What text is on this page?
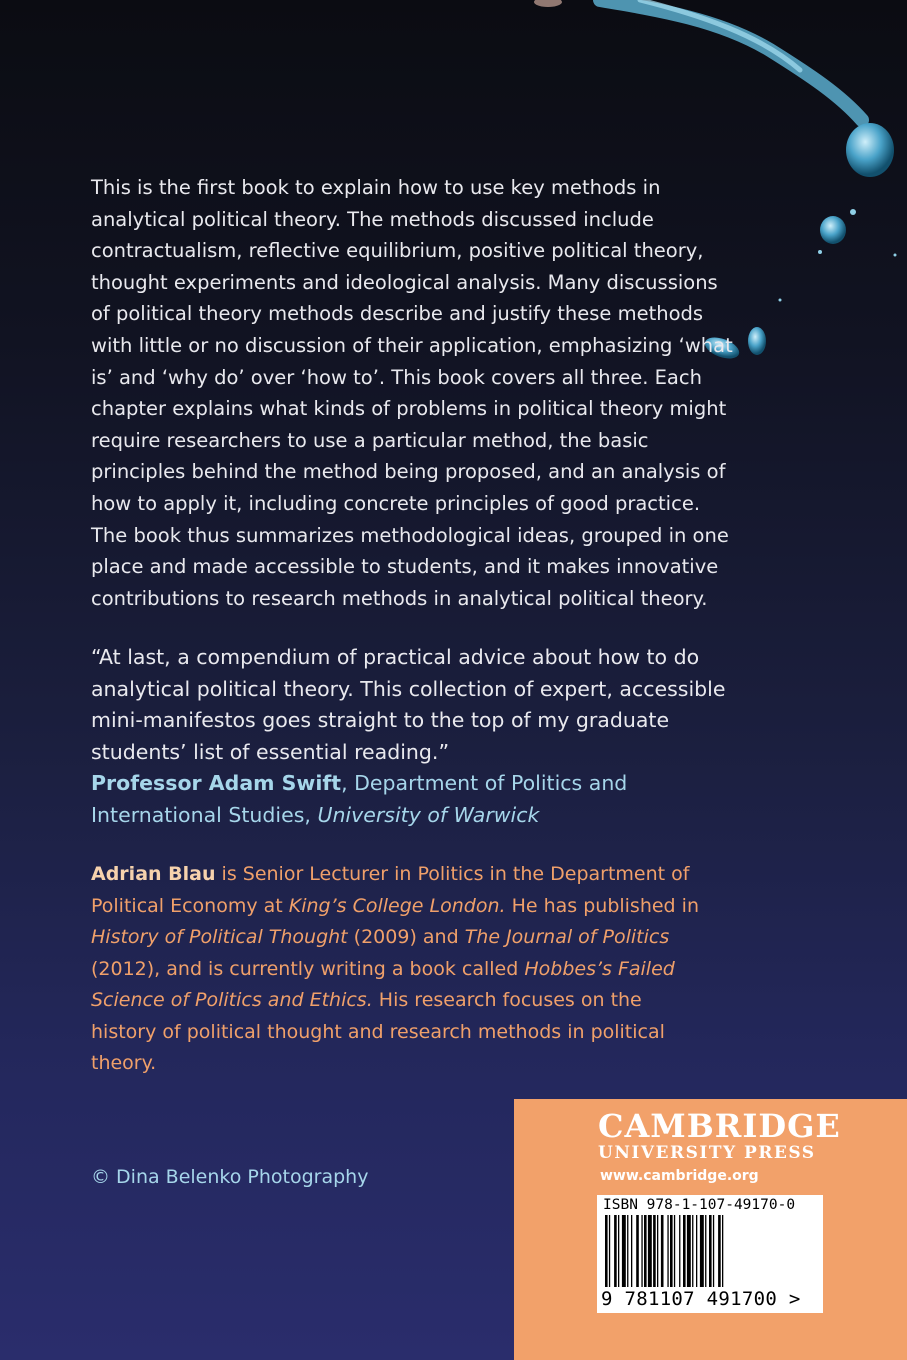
This is the first book to explain how to use key methods in analytical political theory. The methods discussed include contractualism, reflective equilibrium, positive political theory, thought experiments and ideological analysis. Many discussions of political theory methods describe and justify these methods with little or no discussion of their application, emphasizing ‘what is’ and ‘why do’ over ‘how to’. This book covers all three. Each chapter explains what kinds of problems in political theory might require researchers to use a particular method, the basic principles behind the method being proposed, and an analysis of how to apply it, including concrete principles of good practice. The book thus summarizes methodological ideas, grouped in one place and made accessible to students, and it makes innovative contributions to research methods in analytical political theory.

“At last, a compendium of practical advice about how to do analytical political theory. This collection of expert, accessible mini-manifestos goes straight to the top of my graduate students’ list of essential reading.”
Professor Adam Swift, Department of Politics and International Studies, University of Warwick

Adrian Blau is Senior Lecturer in Politics in the Department of Political Economy at King’s College London. He has published in History of Political Thought (2009) and The Journal of Politics (2012), and is currently writing a book called Hobbes’s Failed Science of Politics and Ethics. His research focuses on the history of political thought and research methods in political theory.

© Dina Belenko Photography
CAMBRIDGE
UNIVERSITY PRESS
www.cambridge.org
ISBN 978-1-107-49170-0
9 781107 491700 >
